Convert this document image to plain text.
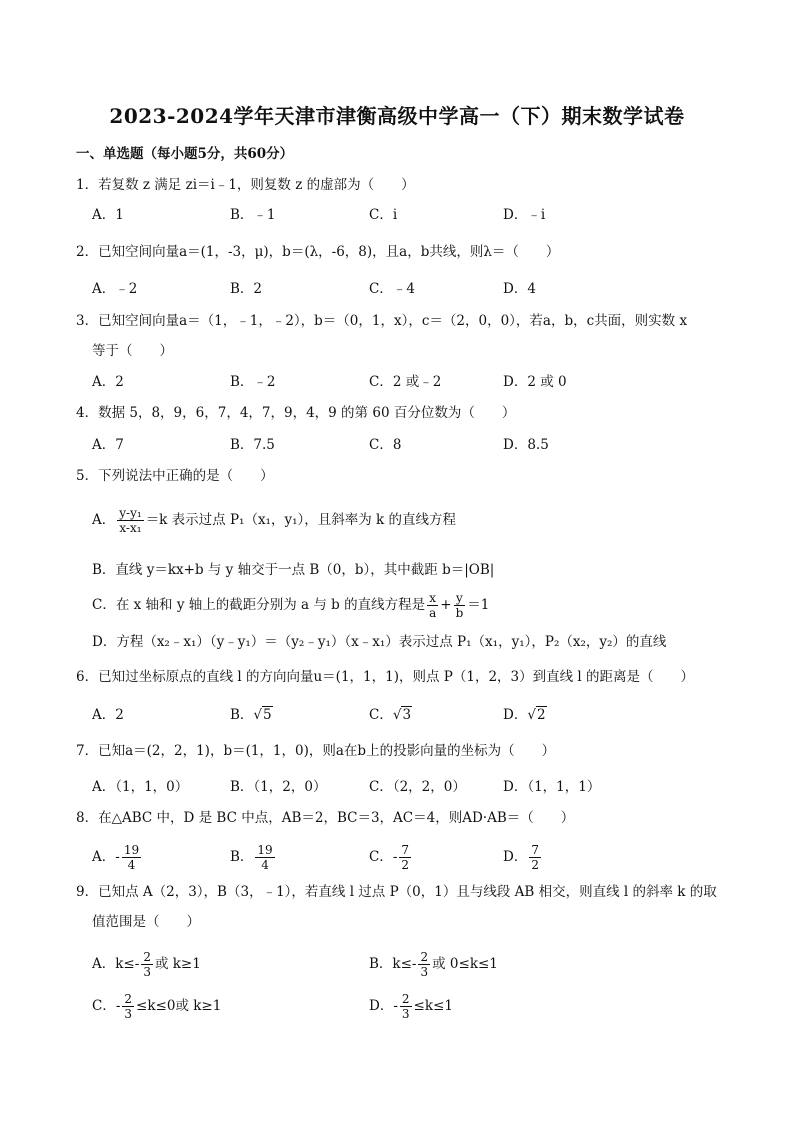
2023-2024学年天津市津衡高级中学高一（下）期末数学试卷
一、单选题（每小题5分，共60分）
1．若复数 z 满足 zi＝i﹣1，则复数 z 的虚部为（　　）
A．1	B．﹣1	C．i	D．﹣i
2．已知空间向量a＝(1，-3，μ)，b＝(λ，-6，8)，且a，b共线，则λ＝（　　）
A．﹣2	B．2	C．﹣4	D．4
3．已知空间向量a＝（1，﹣1，﹣2），b＝（0，1，x），c＝（2，0，0），若a，b，c共面，则实数 x
等于（　　）
A．2	B．﹣2	C．2 或﹣2	D．2 或 0
4．数据 5，8，9，6，7，4，7，9，4，9 的第 60 百分位数为（　　）
A．7	B．7.5	C．8	D．8.5
5．下列说法中正确的是（　　）
A． $\frac{\text{y-y₁}}{\text{x-x₁}} =k$ 表示过点 P₁（x₁，y₁），且斜率为 k 的直线方程
B．直线 y＝kx+b 与 y 轴交于一点 B（0，b），其中截距 b＝|OB|
C．在 x 轴和 y 轴上的截距分别为 a 与 b 的直线方程是 $\frac{x}{a} + \frac{y}{b} =1$
D．方程（x₂﹣x₁）（y﹣y₁）＝（y₂﹣y₁）（x﹣x₁）表示过点 P₁（x₁，y₁），P₂（x₂，y₂）的直线
6．已知过坐标原点的直线 l 的方向向量u＝(1，1，1)，则点 P（1，2，3）到直线 l 的距离是（　　）
A．2	B．√5	C．√3	D．√2
7．已知a＝(2，2，1)，b＝(1，1，0)，则a在b上的投影向量的坐标为（　　）
A．（1，1，0）	B．（1，2，0）	C．（2，2，0）	D．（1，1，1）
8．在△ABC 中，D 是 BC 中点，AB＝2，BC＝3，AC＝4，则AD·AB＝（　　）
A．- $\frac{19}{4}$	B． $\frac{19}{4}$	C．- $\frac{7}{2}$	D． $\frac{7}{2}$
9．已知点 A（2，3），B（3，﹣1），若直线 l 过点 P（0，1）且与线段 AB 相交，则直线 l 的斜率 k 的取
值范围是（　　）
A．$k\le- \frac{2}{3}$ 或 k≥1	B．$k\le- \frac{2}{3}$ 或 0≤k≤1
C．- $\frac{2}{3} \le k\le 0$或 k≥1	D．- $\frac{2}{3} \le k\le 1$
